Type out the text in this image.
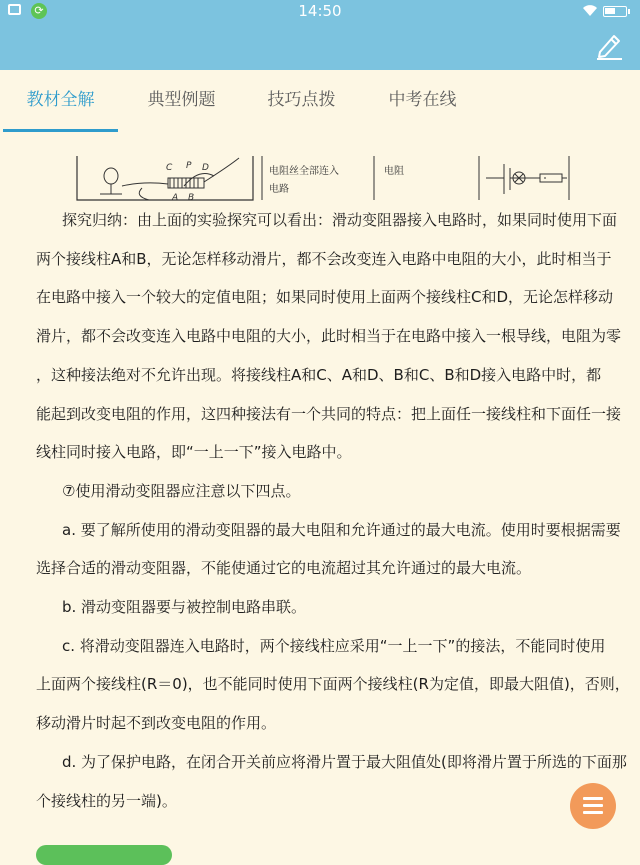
⟳	14:50
教材全解	典型例题	技巧点拨	中考在线
C P D
A B
电阻丝全部连入
电路
电阻
探究归纳：由上面的实验探究可以看出：滑动变阻器接入电路时，如果同时使用下面
两个接线柱A和B，无论怎样移动滑片，都不会改变连入电路中电阻的大小，此时相当于
在电路中接入一个较大的定值电阻；如果同时使用上面两个接线柱C和D，无论怎样移动
滑片，都不会改变连入电路中电阻的大小，此时相当于在电路中接入一根导线，电阻为零
，这种接法绝对不允许出现。将接线柱A和C、A和D、B和C、B和D接入电路中时，都
能起到改变电阻的作用，这四种接法有一个共同的特点：把上面任一接线柱和下面任一接
线柱同时接入电路，即“一上一下”接入电路中。
⑦使用滑动变阻器应注意以下四点。
a. 要了解所使用的滑动变阻器的最大电阻和允许通过的最大电流。使用时要根据需要
选择合适的滑动变阻器，不能使通过它的电流超过其允许通过的最大电流。
b. 滑动变阻器要与被控制电路串联。
c. 将滑动变阻器连入电路时，两个接线柱应采用“一上一下”的接法，不能同时使用
上面两个接线柱(R＝0)，也不能同时使用下面两个接线柱(R为定值，即最大阻值)，否则，
移动滑片时起不到改变电阻的作用。
d. 为了保护电路，在闭合开关前应将滑片置于最大阻值处(即将滑片置于所选的下面那
个接线柱的另一端)。
